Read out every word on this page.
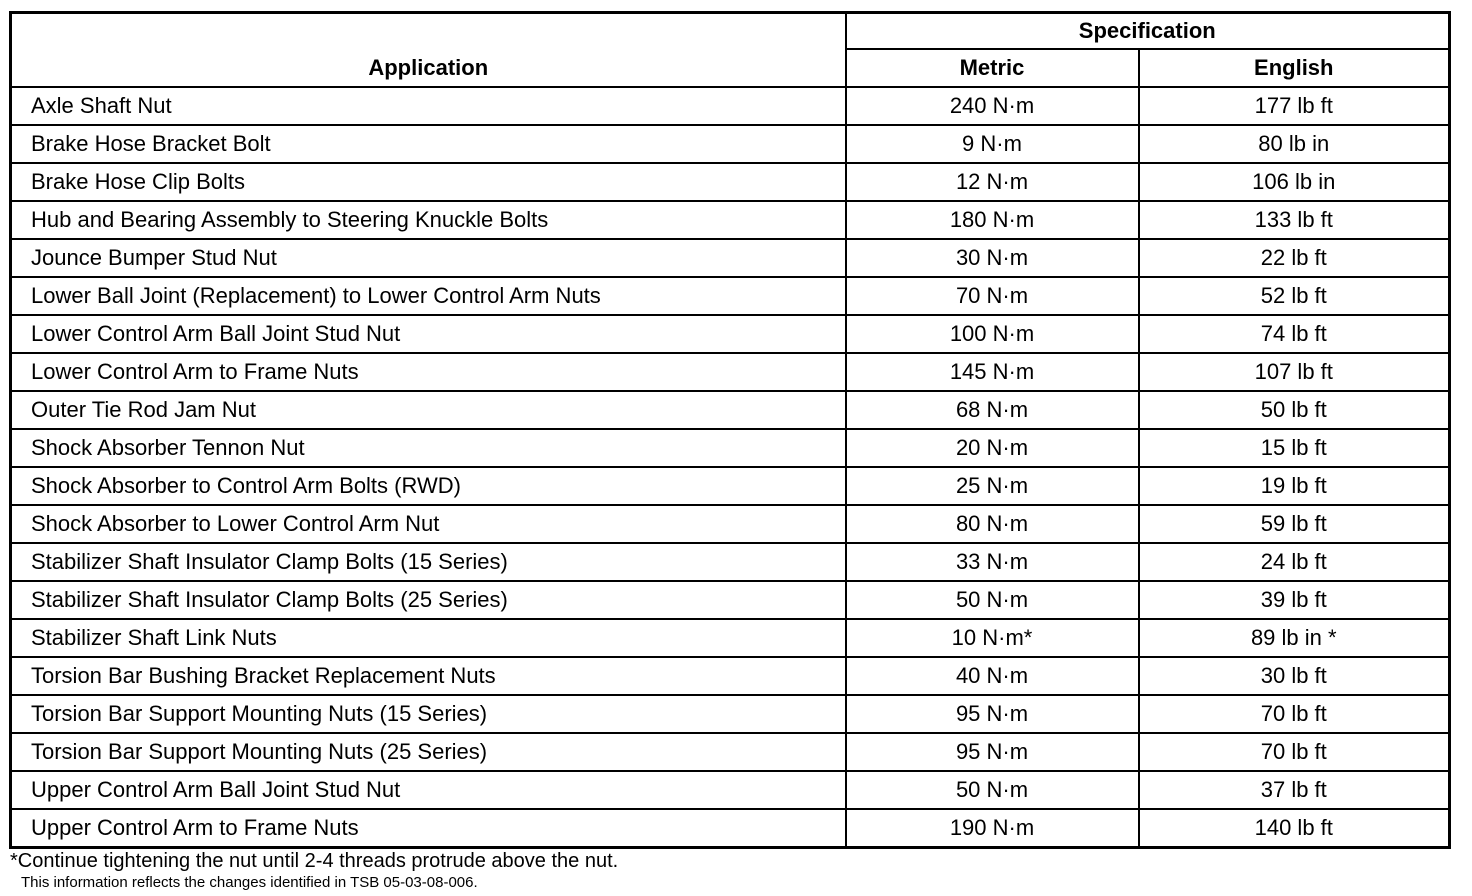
Application	Specification	
	Metric	English
Axle Shaft Nut	240 N·m	177 lb ft
Brake Hose Bracket Bolt	9 N·m	80 lb in
Brake Hose Clip Bolts	12 N·m	106 lb in
Hub and Bearing Assembly to Steering Knuckle Bolts	180 N·m	133 lb ft
Jounce Bumper Stud Nut	30 N·m	22 lb ft
Lower Ball Joint (Replacement) to Lower Control Arm Nuts	70 N·m	52 lb ft
Lower Control Arm Ball Joint Stud Nut	100 N·m	74 lb ft
Lower Control Arm to Frame Nuts	145 N·m	107 lb ft
Outer Tie Rod Jam Nut	68 N·m	50 lb ft
Shock Absorber Tennon Nut	20 N·m	15 lb ft
Shock Absorber to Control Arm Bolts (RWD)	25 N·m	19 lb ft
Shock Absorber to Lower Control Arm Nut	80 N·m	59 lb ft
Stabilizer Shaft Insulator Clamp Bolts (15 Series)	33 N·m	24 lb ft
Stabilizer Shaft Insulator Clamp Bolts (25 Series)	50 N·m	39 lb ft
Stabilizer Shaft Link Nuts	10 N·m*	89 lb in *
Torsion Bar Bushing Bracket Replacement Nuts	40 N·m	30 lb ft
Torsion Bar Support Mounting Nuts (15 Series)	95 N·m	70 lb ft
Torsion Bar Support Mounting Nuts (25 Series)	95 N·m	70 lb ft
Upper Control Arm Ball Joint Stud Nut	50 N·m	37 lb ft
Upper Control Arm to Frame Nuts	190 N·m	140 lb ft
*Continue tightening the nut until 2-4 threads protrude above the nut.
This information reflects the changes identified in TSB 05-03-08-006.
